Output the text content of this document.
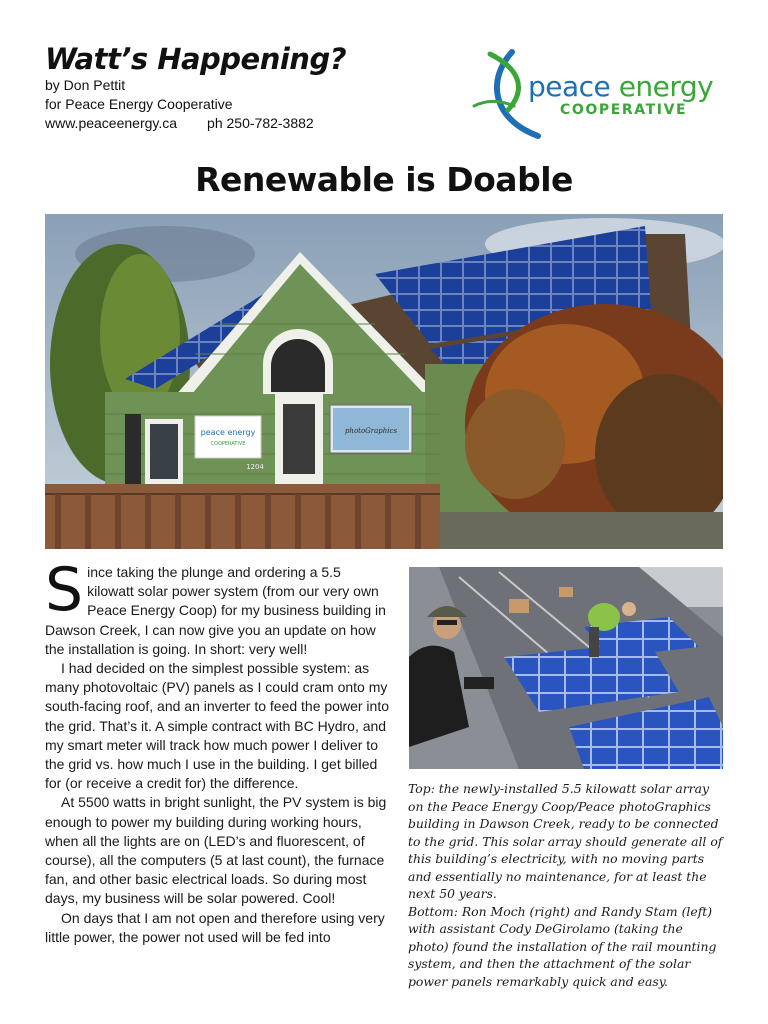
Watt’s Happening?
by Don Pettit
for Peace Energy Cooperative
www.peaceenergy.ca ph 250-782-3882
peace energy
COOPERATIVE
Renewable is Doable
peace energy
COOPERATIVE
photoGraphics
1204

Since taking the plunge and ordering a 5.5 kilowatt solar power system (from our very own Peace Energy Coop) for my business building in Dawson Creek, I can now give you an update on how the installation is going. In short: very well!

I had decided on the simplest possible system: as many photovoltaic (PV) panels as I could cram onto my south-facing roof, and an inverter to feed the power into the grid. That’s it. A simple contract with BC Hydro, and my smart meter will track how much power I deliver to the grid vs. how much I use in the building. I get billed for (or receive a credit for) the difference.

At 5500 watts in bright sunlight, the PV system is big enough to power my building during working hours, when all the lights are on (LED’s and fluorescent, of course), all the computers (5 at last count), the furnace fan, and other basic electrical loads. So during most days, my business will be solar powered. Cool!

On days that I am not open and therefore using very little power, the power not used will be fed into

Top: the newly-installed 5.5 kilowatt solar array on the Peace Energy Coop/Peace photoGraphics building in Dawson Creek, ready to be connected to the grid. This solar array should generate all of this building’s electricity, with no moving parts and essentially no maintenance, for at least the next 50 years.

Bottom: Ron Moch (right) and Randy Stam (left) with assistant Cody DeGirolamo (taking the photo) found the installation of the rail mounting system, and then the attachment of the solar power panels remarkably quick and easy.
